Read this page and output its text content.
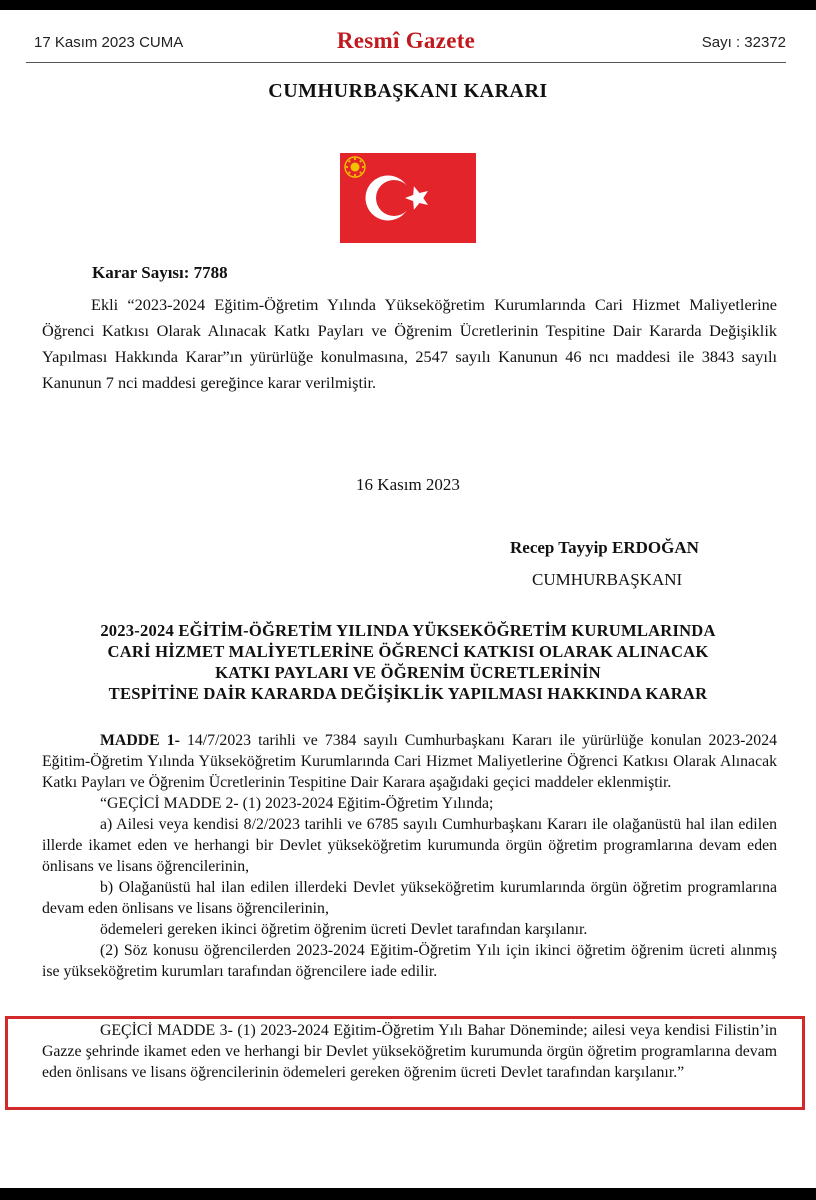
17 Kasım 2023 CUMA	Resmî Gazete	Sayı : 32372
CUMHURBAŞKANI KARARI
Karar Sayısı: 7788
Ekli “2023-2024 Eğitim-Öğretim Yılında Yükseköğretim Kurumlarında Cari Hizmet Maliyetlerine Öğrenci Katkısı Olarak Alınacak Katkı Payları ve Öğrenim Ücretlerinin Tespitine Dair Kararda Değişiklik Yapılması Hakkında Karar”ın yürürlüğe konulmasına, 2547 sayılı Kanunun 46 ncı maddesi ile 3843 sayılı Kanunun 7 nci maddesi gereğince karar verilmiştir.
16 Kasım 2023
Recep Tayyip ERDOĞAN
CUMHURBAŞKANI
2023-2024 EĞİTİM-ÖĞRETİM YILINDA YÜKSEKÖĞRETİM KURUMLARINDA
CARİ HİZMET MALİYETLERİNE ÖĞRENCİ KATKISI OLARAK ALINACAK
KATKI PAYLARI VE ÖĞRENİM ÜCRETLERİNİN
TESPİTİNE DAİR KARARDA DEĞİŞİKLİK YAPILMASI HAKKINDA KARAR

MADDE 1- 14/7/2023 tarihli ve 7384 sayılı Cumhurbaşkanı Kararı ile yürürlüğe konulan 2023-2024 Eğitim-Öğretim Yılında Yükseköğretim Kurumlarında Cari Hizmet Maliyetlerine Öğrenci Katkısı Olarak Alınacak Katkı Payları ve Öğrenim Ücretlerinin Tespitine Dair Karara aşağıdaki geçici maddeler eklenmiştir.

“GEÇİCİ MADDE 2- (1) 2023-2024 Eğitim-Öğretim Yılında;

a) Ailesi veya kendisi 8/2/2023 tarihli ve 6785 sayılı Cumhurbaşkanı Kararı ile olağanüstü hal ilan edilen illerde ikamet eden ve herhangi bir Devlet yükseköğretim kurumunda örgün öğretim programlarına devam eden önlisans ve lisans öğrencilerinin,

b) Olağanüstü hal ilan edilen illerdeki Devlet yükseköğretim kurumlarında örgün öğretim programlarına devam eden önlisans ve lisans öğrencilerinin,

ödemeleri gereken ikinci öğretim öğrenim ücreti Devlet tarafından karşılanır.

(2) Söz konusu öğrencilerden 2023-2024 Eğitim-Öğretim Yılı için ikinci öğretim öğrenim ücreti alınmış ise yükseköğretim kurumları tarafından öğrencilere iade edilir.

GEÇİCİ MADDE 3- (1) 2023-2024 Eğitim-Öğretim Yılı Bahar Döneminde; ailesi veya kendisi Filistin’in Gazze şehrinde ikamet eden ve herhangi bir Devlet yükseköğretim kurumunda örgün öğretim programlarına devam eden önlisans ve lisans öğrencilerinin ödemeleri gereken öğrenim ücreti Devlet tarafından karşılanır.”
